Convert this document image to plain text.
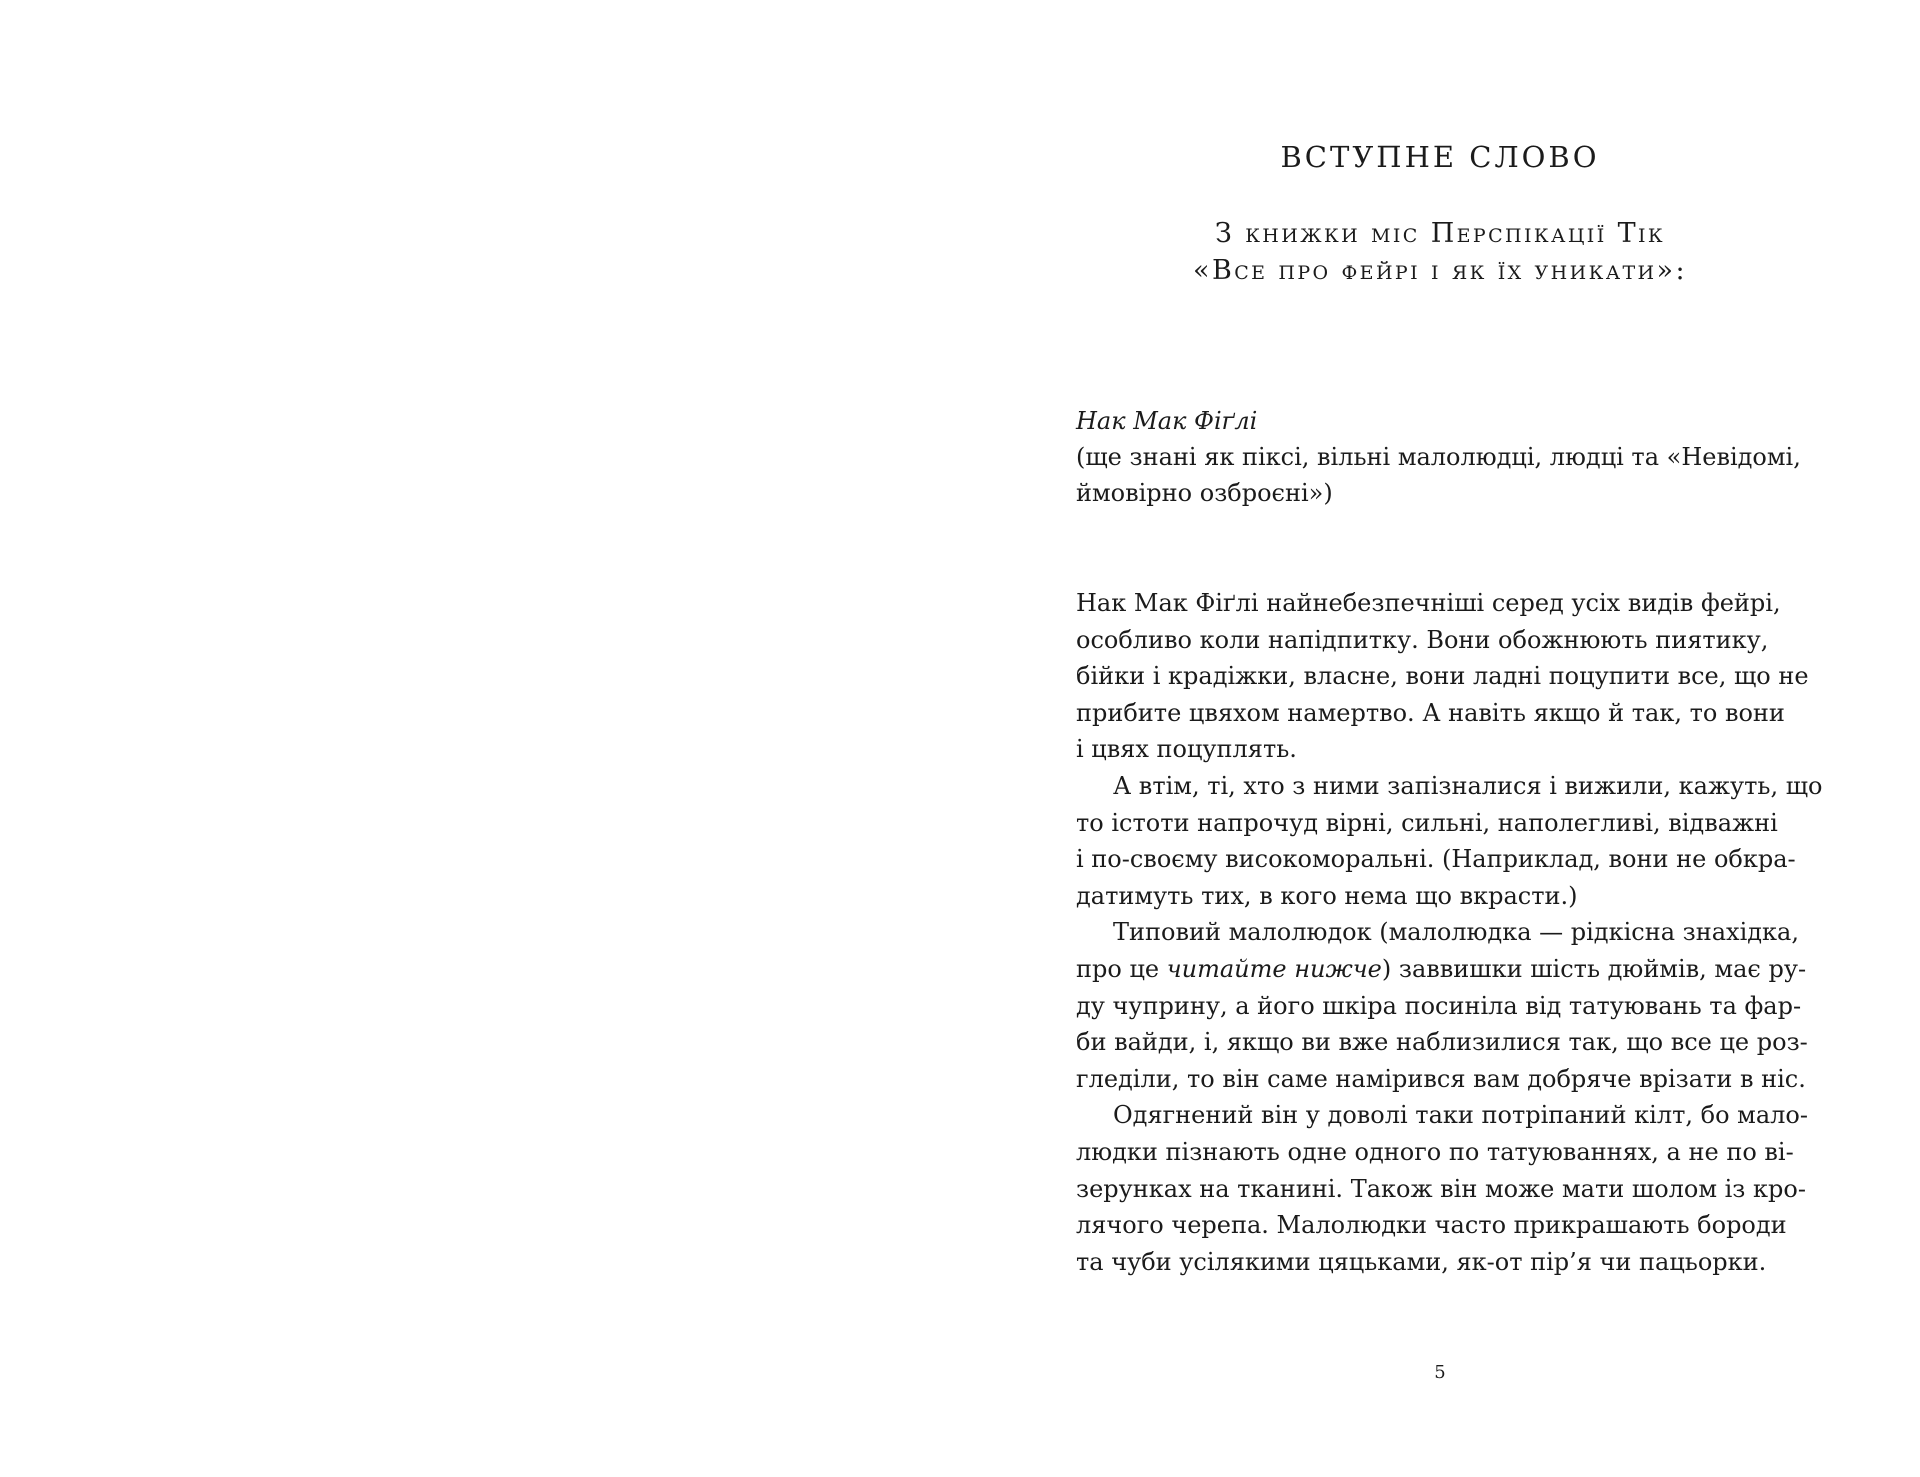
ВСТУПНЕ СЛОВО
З книжки міс Перспікації Тік
«Все про фейрі і як їх уникати»:
Нак Мак Фіґлі
(ще знані як піксі, вільні малолюдці, людці та «Невідомі,
ймовірно озброєні»)
Нак Мак Фіґлі найнебезпечніші серед усіх видів фейрі,
особливо коли напідпитку. Вони обожнюють пиятику,
бійки і крадіжки, власне, вони ладні поцупити все, що не
прибите цвяхом намертво. А навіть якщо й так, то вони
і цвях поцуплять.
А втім, ті, хто з ними запізналися і вижили, кажуть, що
то істоти напрочуд вірні, сильні, наполегливі, відважні
і по-своєму високоморальні. (Наприклад, вони не обкра-
датимуть тих, в кого нема що вкрасти.)
Типовий малолюдок (малолюдка — рідкісна знахідка,
про це читайте нижче) заввишки шість дюймів, має ру-
ду чуприну, а його шкіра посиніла від татуювань та фар-
би вайди, і, якщо ви вже наблизилися так, що все це роз-
гледіли, то він саме намірився вам добряче врізати в ніс.
Одягнений він у доволі таки потріпаний кілт, бо мало-
людки пізнають одне одного по татуюваннях, а не по ві-
зерунках на тканині. Також він може мати шолом із кро-
лячого черепа. Малолюдки часто прикрашають бороди
та чуби усілякими цяцьками, як-от пір’я чи пацьорки.
5
